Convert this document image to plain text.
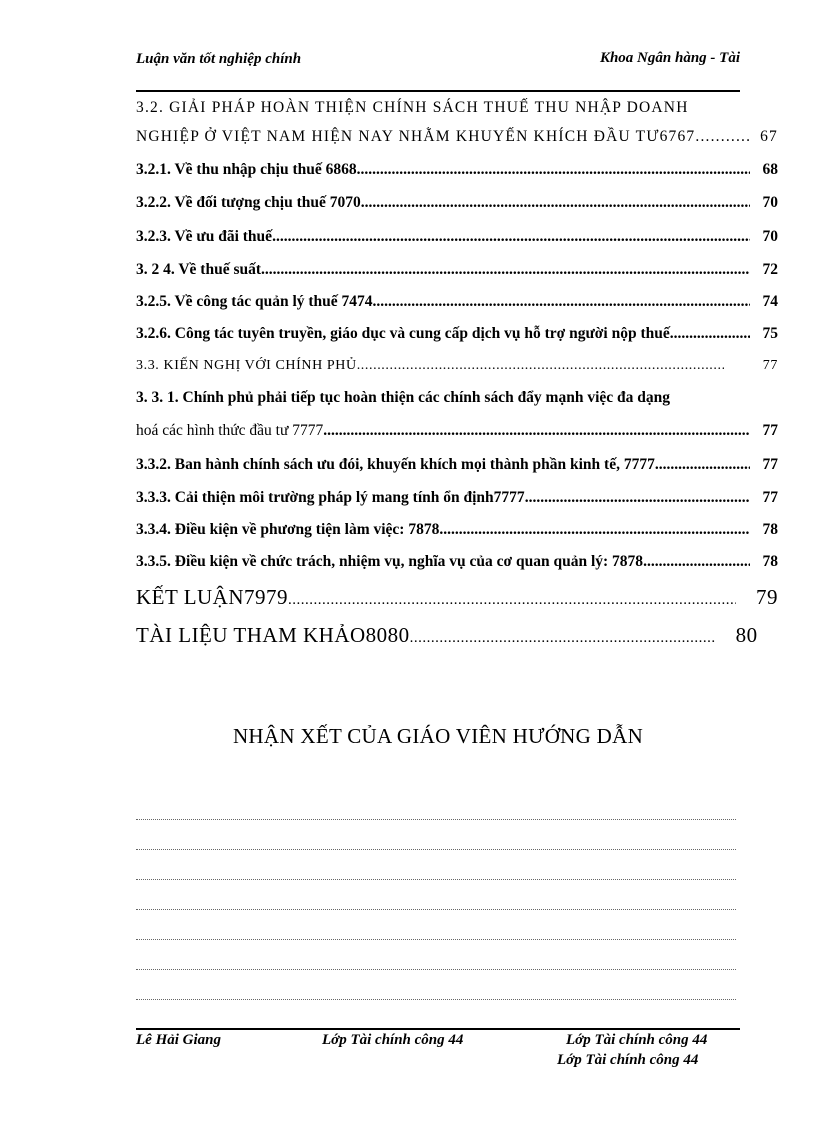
Luận văn tốt nghiệp chính	Khoa Ngân hàng - Tài
3.2. GIẢI PHÁP HOÀN THIỆN CHÍNH SÁCH THUẾ THU NHẬP DOANH
NGHIỆP Ở VIỆT NAM HIỆN NAY NHẰM KHUYẾN KHÍCH ĐẦU TƯ6767 .....	67
3.2.1. Về thu nhập chịu thuế 6868 .....	68
3.2.2. Về đối tượng chịu thuế 7070 .....	70
3.2.3. Về ưu đãi thuế .....	70
3. 2 4. Về thuế suất .....	72
3.2.5. Về công tác quản lý thuế 7474 .....	74
3.2.6. Công tác tuyên truyền, giáo dục và cung cấp dịch vụ hỗ trợ người nộp thuế .....	75
3.3. KIẾN NGHỊ VỚI CHÍNH PHỦ .....	77
3. 3. 1. Chính phủ phải tiếp tục hoàn thiện các chính sách đẩy mạnh việc đa dạng
hoá các hình thức đầu tư 7777 .....	77
3.3.2. Ban hành chính sách ưu đói, khuyến khích mọi thành phần kinh tế, 7777 .....	77
3.3.3. Cải thiện môi trường pháp lý mang tính ổn định7777 .....	77
3.3.4. Điều kiện về phương tiện làm việc: 7878 .....	78
3.3.5. Điều kiện về chức trách, nhiệm vụ, nghĩa vụ của cơ quan quản lý: 7878 .....	78
KẾT LUẬN7979 .....	79
TÀI LIỆU THAM KHẢO8080 .....	80
NHẬN XẾT CỦA GIÁO VIÊN HƯỚNG DẪN
Lê Hải Giang	Lớp Tài chính công 44	Lớp Tài chính công 44
Lớp Tài chính công 44
